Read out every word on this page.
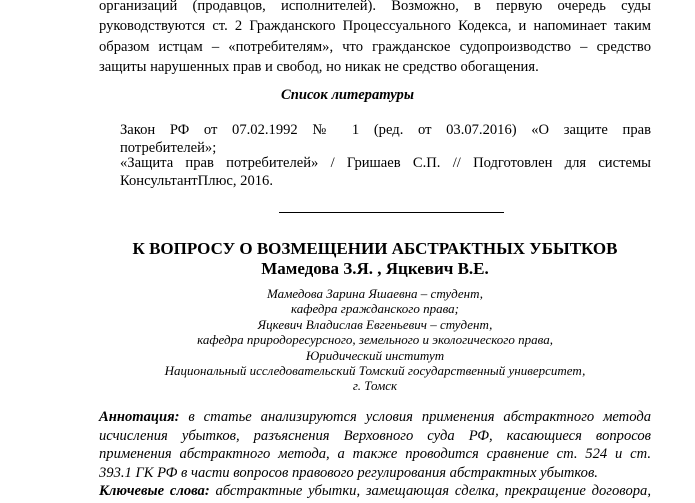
организаций (продавцов, исполнителей). Возможно, в первую очередь суды
руководствуются ст. 2 Гражданского Процессуального Кодекса, и напоминает таким
образом истцам – «потребителям», что гражданское судопроизводство – средство
защиты нарушенных прав и свобод, но никак не средство обогащения.
Список литературы
Закон РФ от 07.02.1992 № 1 (ред. от 03.07.2016) «О защите прав
потребителей»;
«Защита прав потребителей» / Гришаев С.П. // Подготовлен для системы
КонсультантПлюс, 2016.
К ВОПРОСУ О ВОЗМЕЩЕНИИ АБСТРАКТНЫХ УБЫТКОВ
Мамедова З.Я. , Яцкевич В.Е.
Мамедова Зарина Яшаевна – студент,
кафедра гражданского права;
Яцкевич Владислав Евгеньевич – студент,
кафедра природоресурсного, земельного и экологического права,
Юридический институт
Национальный исследовательский Томский государственный университет,
г. Томск
Аннотация: в статье анализируются условия применения абстрактного метода
исчисления убытков, разъяснения Верховного суда РФ, касающиеся вопросов
применения абстрактного метода, а также проводится сравнение ст. 524 и ст.
393.1 ГК РФ в части вопросов правового регулирования абстрактных убытков.
Ключевые слова: абстрактные убытки, замещающая сделка, прекращение договора,
